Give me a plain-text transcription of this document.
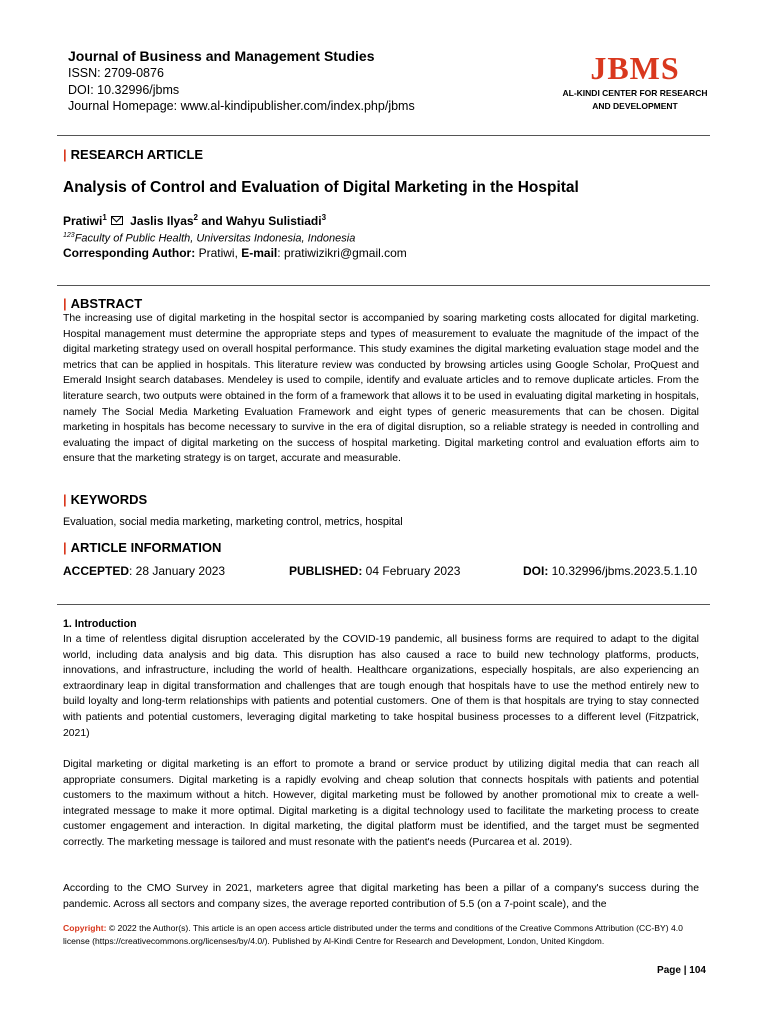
Journal of Business and Management Studies
ISSN: 2709-0876
DOI: 10.32996/jbms
Journal Homepage: www.al-kindipublisher.com/index.php/jbms
JBMS
AL-KINDI CENTER FOR RESEARCH
AND DEVELOPMENT
| RESEARCH ARTICLE
Analysis of Control and Evaluation of Digital Marketing in the Hospital
Pratiwi$^1$ Jaslis Ilyas$^2$ and Wahyu Sulistiadi$^3$
$^{123}$Faculty of Public Health, Universitas Indonesia, Indonesia
Corresponding Author: Pratiwi, E-mail: pratiwizikri@gmail.com
| ABSTRACT
The increasing use of digital marketing in the hospital sector is accompanied by soaring marketing costs allocated for digital marketing. Hospital management must determine the appropriate steps and types of measurement to evaluate the magnitude of the impact of the digital marketing strategy used on overall hospital performance. This study examines the digital marketing evaluation stage model and the metrics that can be applied in hospitals. This literature review was conducted by browsing articles using Google Scholar, ProQuest and Emerald Insight search databases. Mendeley is used to compile, identify and evaluate articles and to remove duplicate articles. From the literature search, two outputs were obtained in the form of a framework that allows it to be used in evaluating digital marketing in hospitals, namely The Social Media Marketing Evaluation Framework and eight types of generic measurements that can be chosen. Digital marketing in hospitals has become necessary to survive in the era of digital disruption, so a reliable strategy is needed in controlling and evaluating the impact of digital marketing on the success of hospital marketing. Digital marketing control and evaluation efforts aim to ensure that the marketing strategy is on target, accurate and measurable.
| KEYWORDS
Evaluation, social media marketing, marketing control, metrics, hospital
| ARTICLE INFORMATION
ACCEPTED: 28 January 2023	PUBLISHED: 04 February 2023	DOI: 10.32996/jbms.2023.5.1.10
1. Introduction
In a time of relentless digital disruption accelerated by the COVID-19 pandemic, all business forms are required to adapt to the digital world, including data analysis and big data. This disruption has also caused a race to build new technology platforms, products, innovations, and infrastructure, including the world of health. Healthcare organizations, especially hospitals, are also experiencing an extraordinary leap in digital transformation and challenges that are tough enough that hospitals have to use the method entirely new to build loyalty and long-term relationships with patients and potential customers. One of them is that hospitals are trying to stay connected with patients and potential customers, leveraging digital marketing to take hospital business processes to a different level (Fitzpatrick, 2021)
Digital marketing or digital marketing is an effort to promote a brand or service product by utilizing digital media that can reach all appropriate consumers. Digital marketing is a rapidly evolving and cheap solution that connects hospitals with patients and potential customers to the maximum without a hitch. However, digital marketing must be followed by another promotional mix to create a well-integrated message to make it more optimal. Digital marketing is a digital technology used to facilitate the marketing process to create customer engagement and interaction. In digital marketing, the digital platform must be identified, and the target must be segmented correctly. The marketing message is tailored and must resonate with the patient's needs (Purcarea et al. 2019).
According to the CMO Survey in 2021, marketers agree that digital marketing has been a pillar of a company's success during the pandemic. Across all sectors and company sizes, the average reported contribution of 5.5 (on a 7-point scale), and the
Copyright: © 2022 the Author(s). This article is an open access article distributed under the terms and conditions of the Creative Commons Attribution (CC-BY) 4.0 license (https://creativecommons.org/licenses/by/4.0/). Published by Al-Kindi Centre for Research and Development, London, United Kingdom.
Page | 104
